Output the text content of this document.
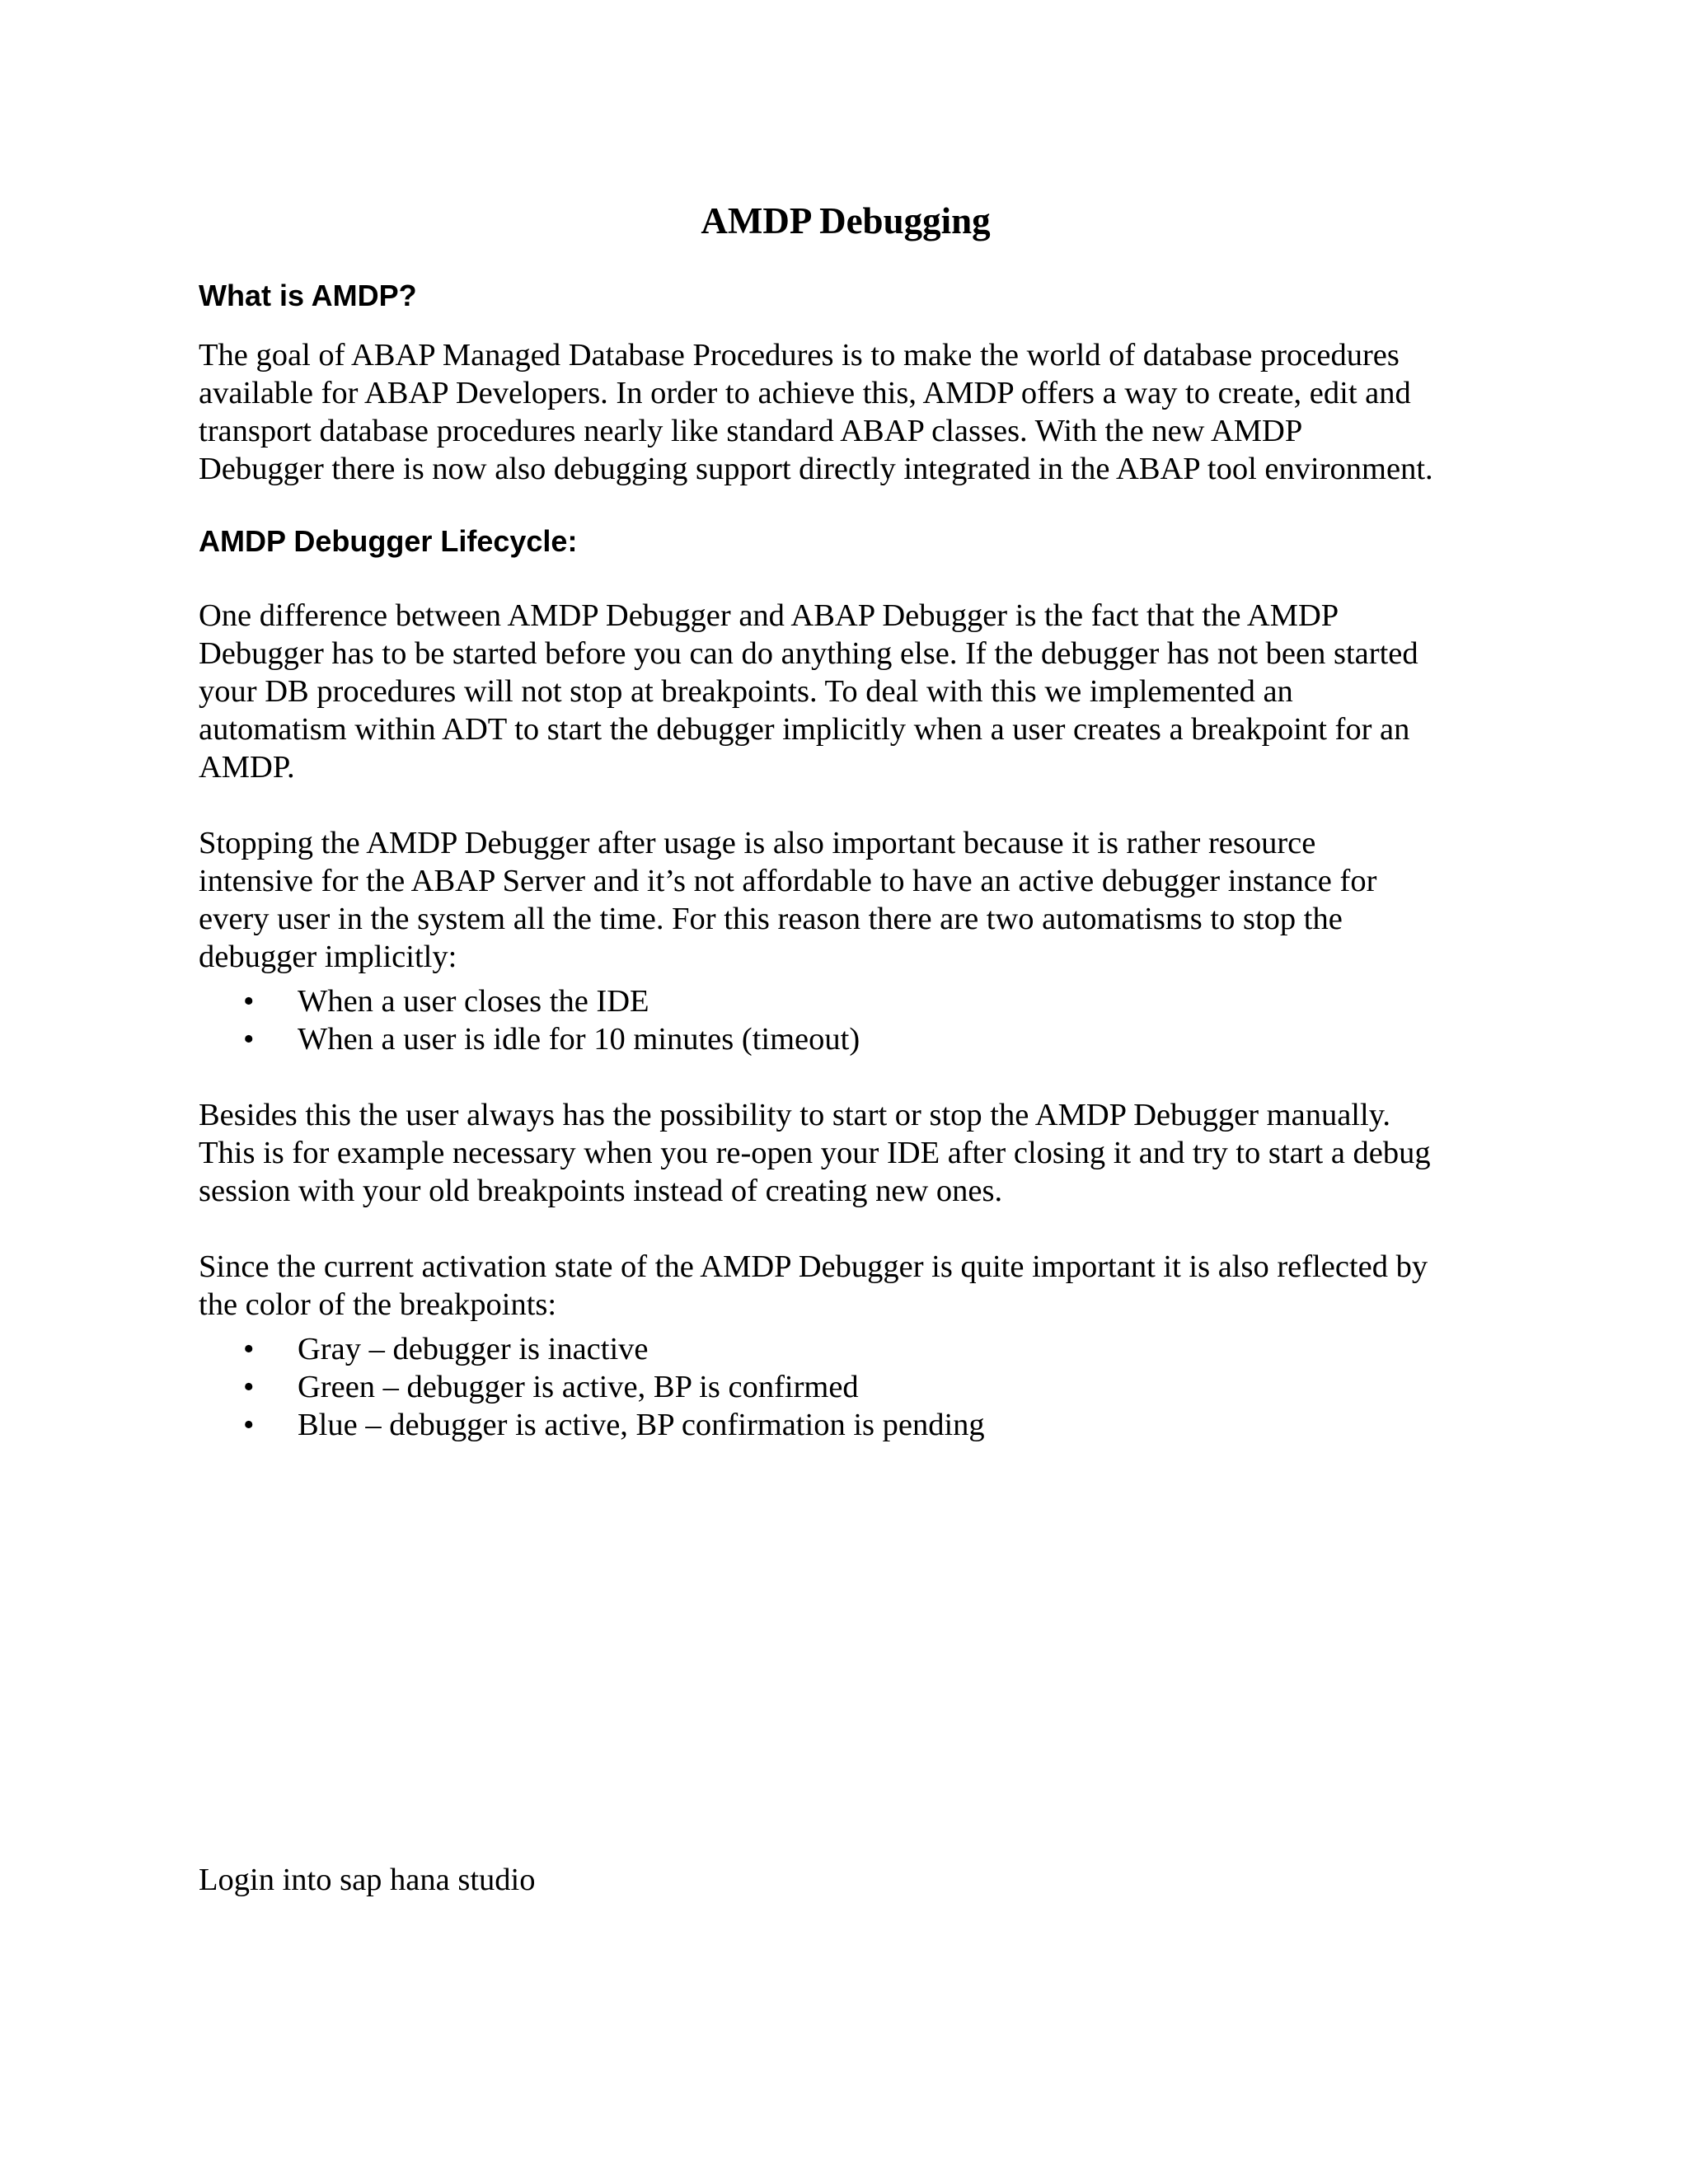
AMDP Debugging
What is AMDP?

The goal of ABAP Managed Database Procedures is to make the world of database procedures
available for ABAP Developers. In order to achieve this, AMDP offers a way to create, edit and
transport database procedures nearly like standard ABAP classes. With the new AMDP
Debugger there is now also debugging support directly integrated in the ABAP tool environment.

AMDP Debugger Lifecycle:

One difference between AMDP Debugger and ABAP Debugger is the fact that the AMDP
Debugger has to be started before you can do anything else. If the debugger has not been started
your DB procedures will not stop at breakpoints. To deal with this we implemented an
automatism within ADT to start the debugger implicitly when a user creates a breakpoint for an
AMDP.

Stopping the AMDP Debugger after usage is also important because it is rather resource
intensive for the ABAP Server and it’s not affordable to have an active debugger instance for
every user in the system all the time. For this reason there are two automatisms to stop the
debugger implicitly:

• When a user closes the IDE
• When a user is idle for 10 minutes (timeout)

Besides this the user always has the possibility to start or stop the AMDP Debugger manually.
This is for example necessary when you re-open your IDE after closing it and try to start a debug
session with your old breakpoints instead of creating new ones.

Since the current activation state of the AMDP Debugger is quite important it is also reflected by
the color of the breakpoints:

• Gray – debugger is inactive
• Green – debugger is active, BP is confirmed
• Blue – debugger is active, BP confirmation is pending

Login into sap hana studio
